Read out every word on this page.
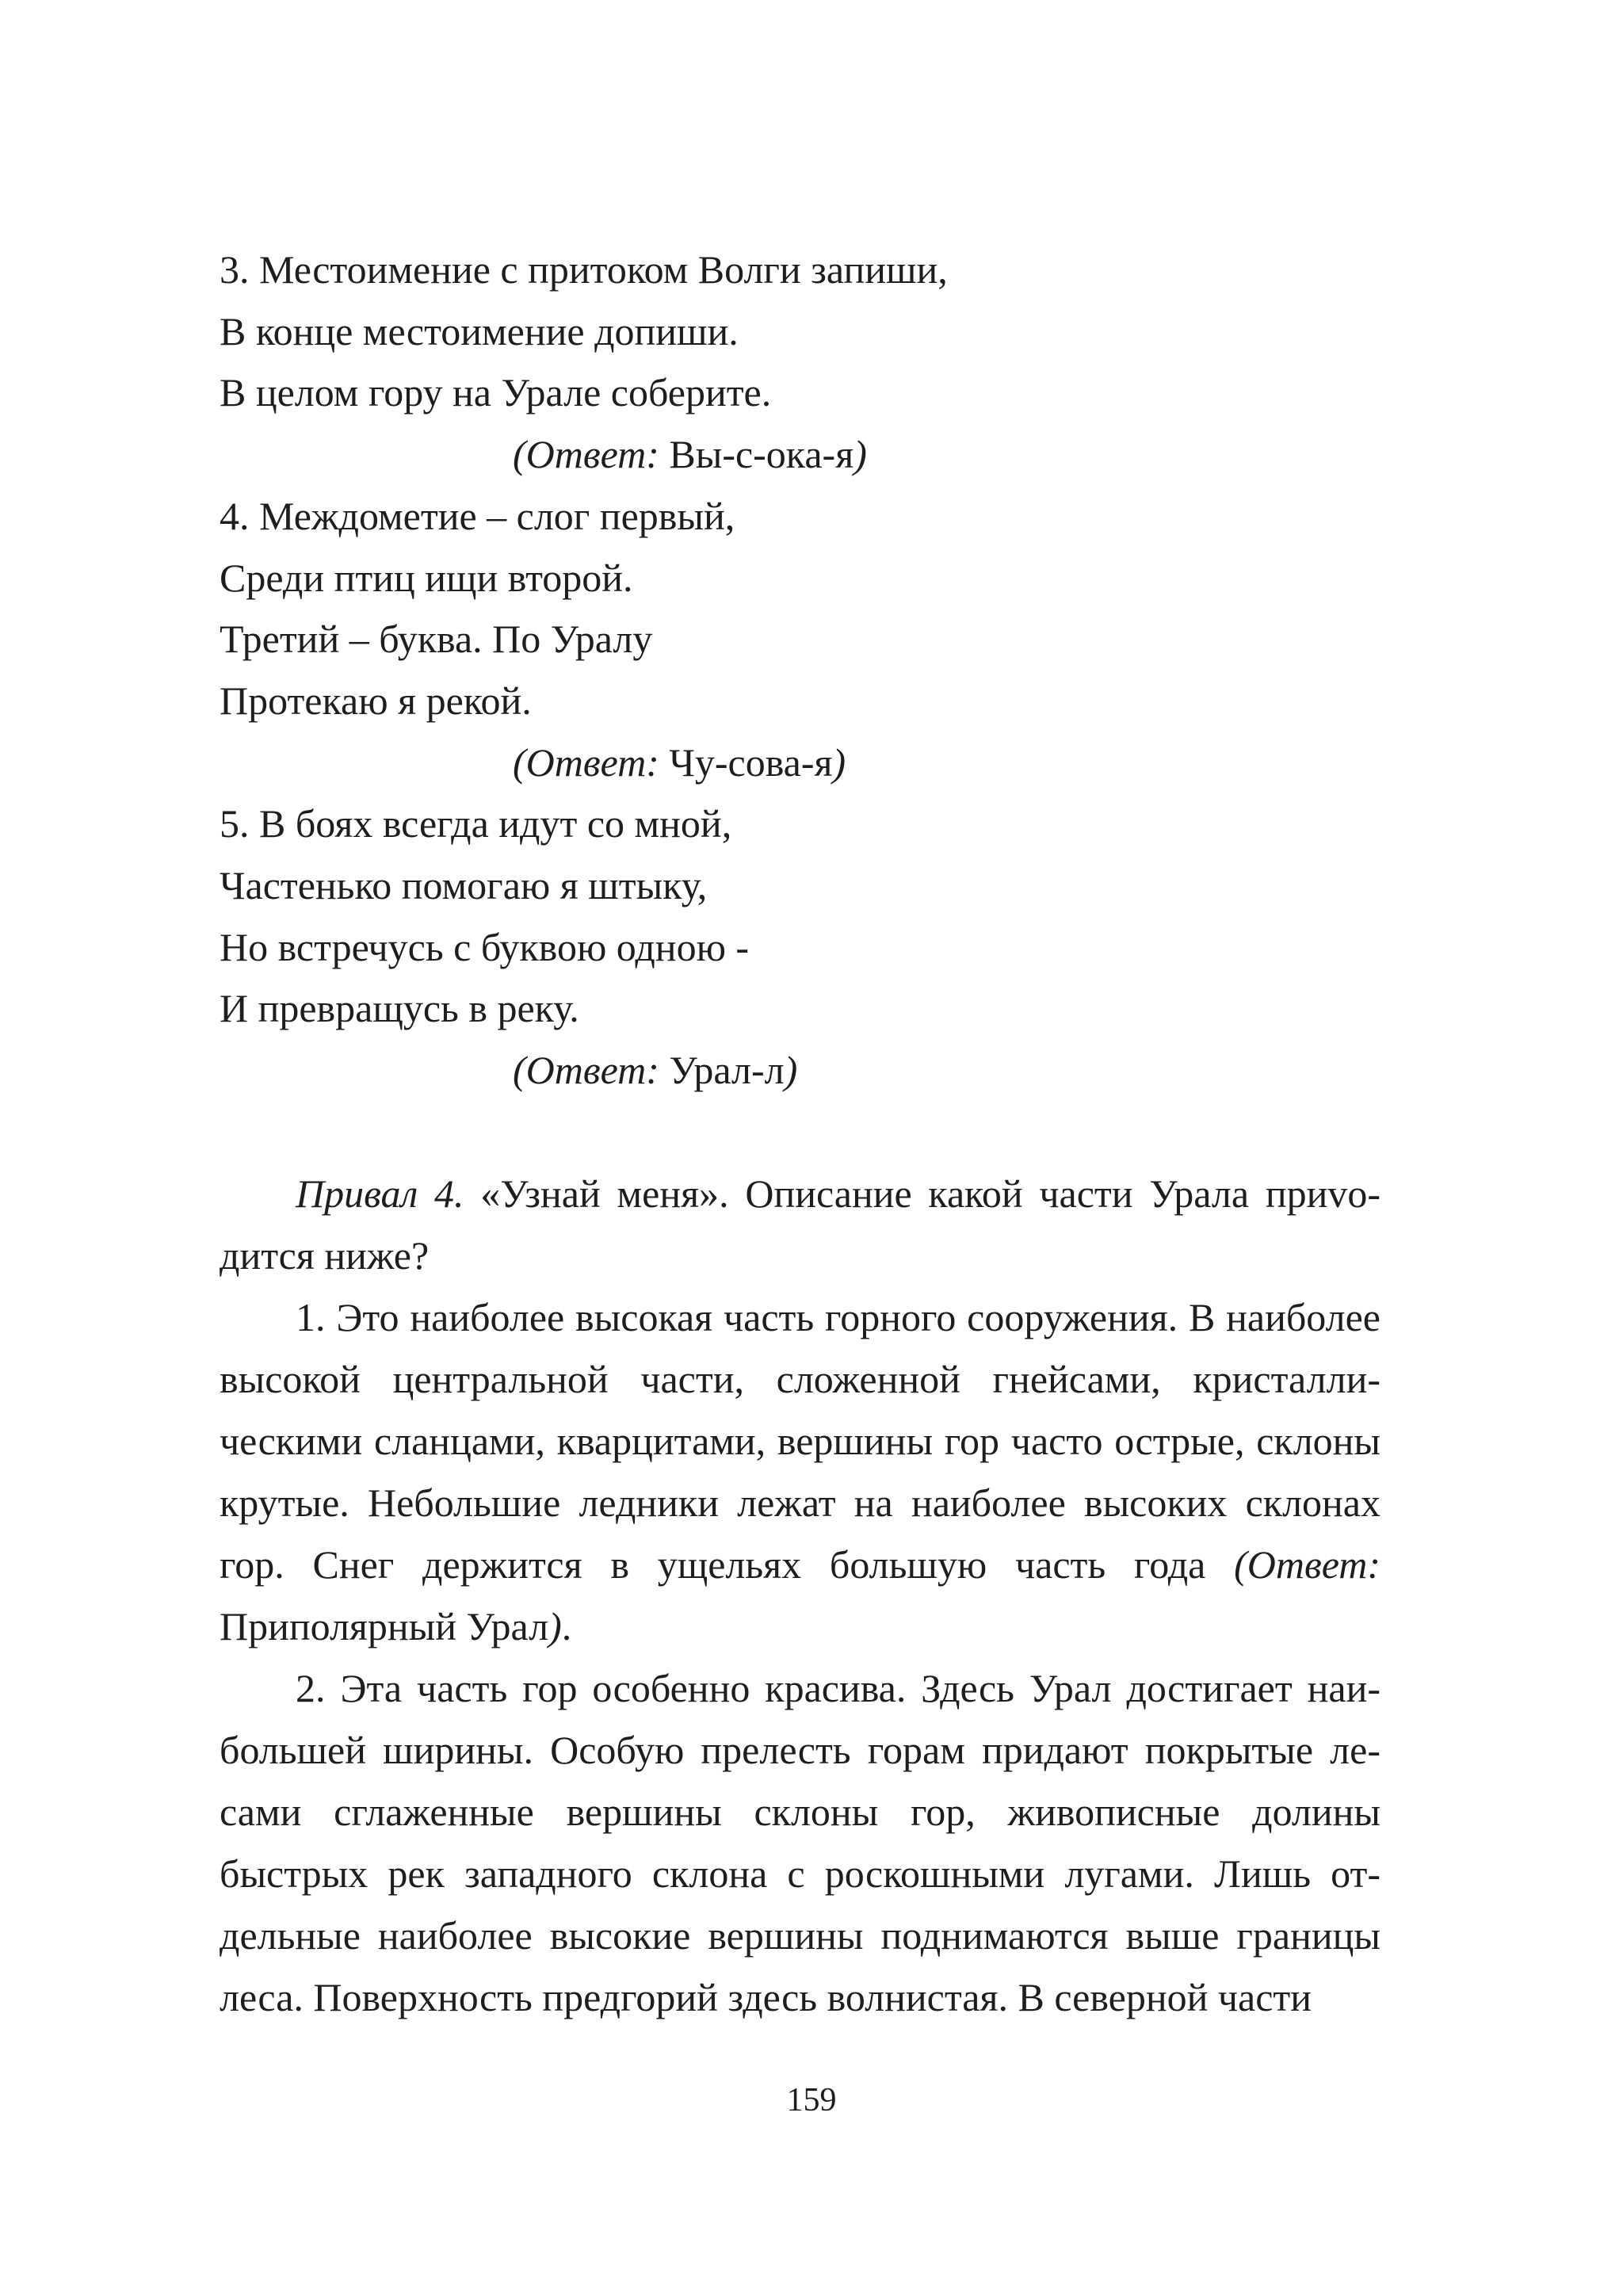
3. Местоимение с притоком Волги запиши,
В конце местоимение допиши.
В целом гору на Урале соберите.
(Ответ: Вы-с-ока-я)
4. Междометие – слог первый,
Среди птиц ищи второй.
Третий – буква. По Уралу
Протекаю я рекой.
(Ответ: Чу-сова-я)
5. В боях всегда идут со мной,
Частенько помогаю я штыку,
Но встречусь с буквою одною -
И превращусь в реку.
(Ответ: Урал-л)

Привал 4. «Узнай меня». Описание какой части Урала приvодится ниже?

1. Это наиболее высокая часть горного сооружения. В наиболее высокой центральной части, сложенной гнейсами, кристаллическими сланцами, кварцитами, вершины гор часто острые, склоны крутые. Небольшие ледники лежат на наиболее высоких склонах гор. Снег держится в ущельях большую часть года (Ответ: Приполярный Урал).

2. Эта часть гор особенно красива. Здесь Урал достигает наибольшей ширины. Особую прелесть горам придают покрытые лесами сглаженные вершины склоны гор, живописные долины быстрых рек западного склона с роскошными лугами. Лишь отдельные наиболее высокие вершины поднимаются выше границы леса. Поверхность предгорий здесь волнистая. В северной части

159
